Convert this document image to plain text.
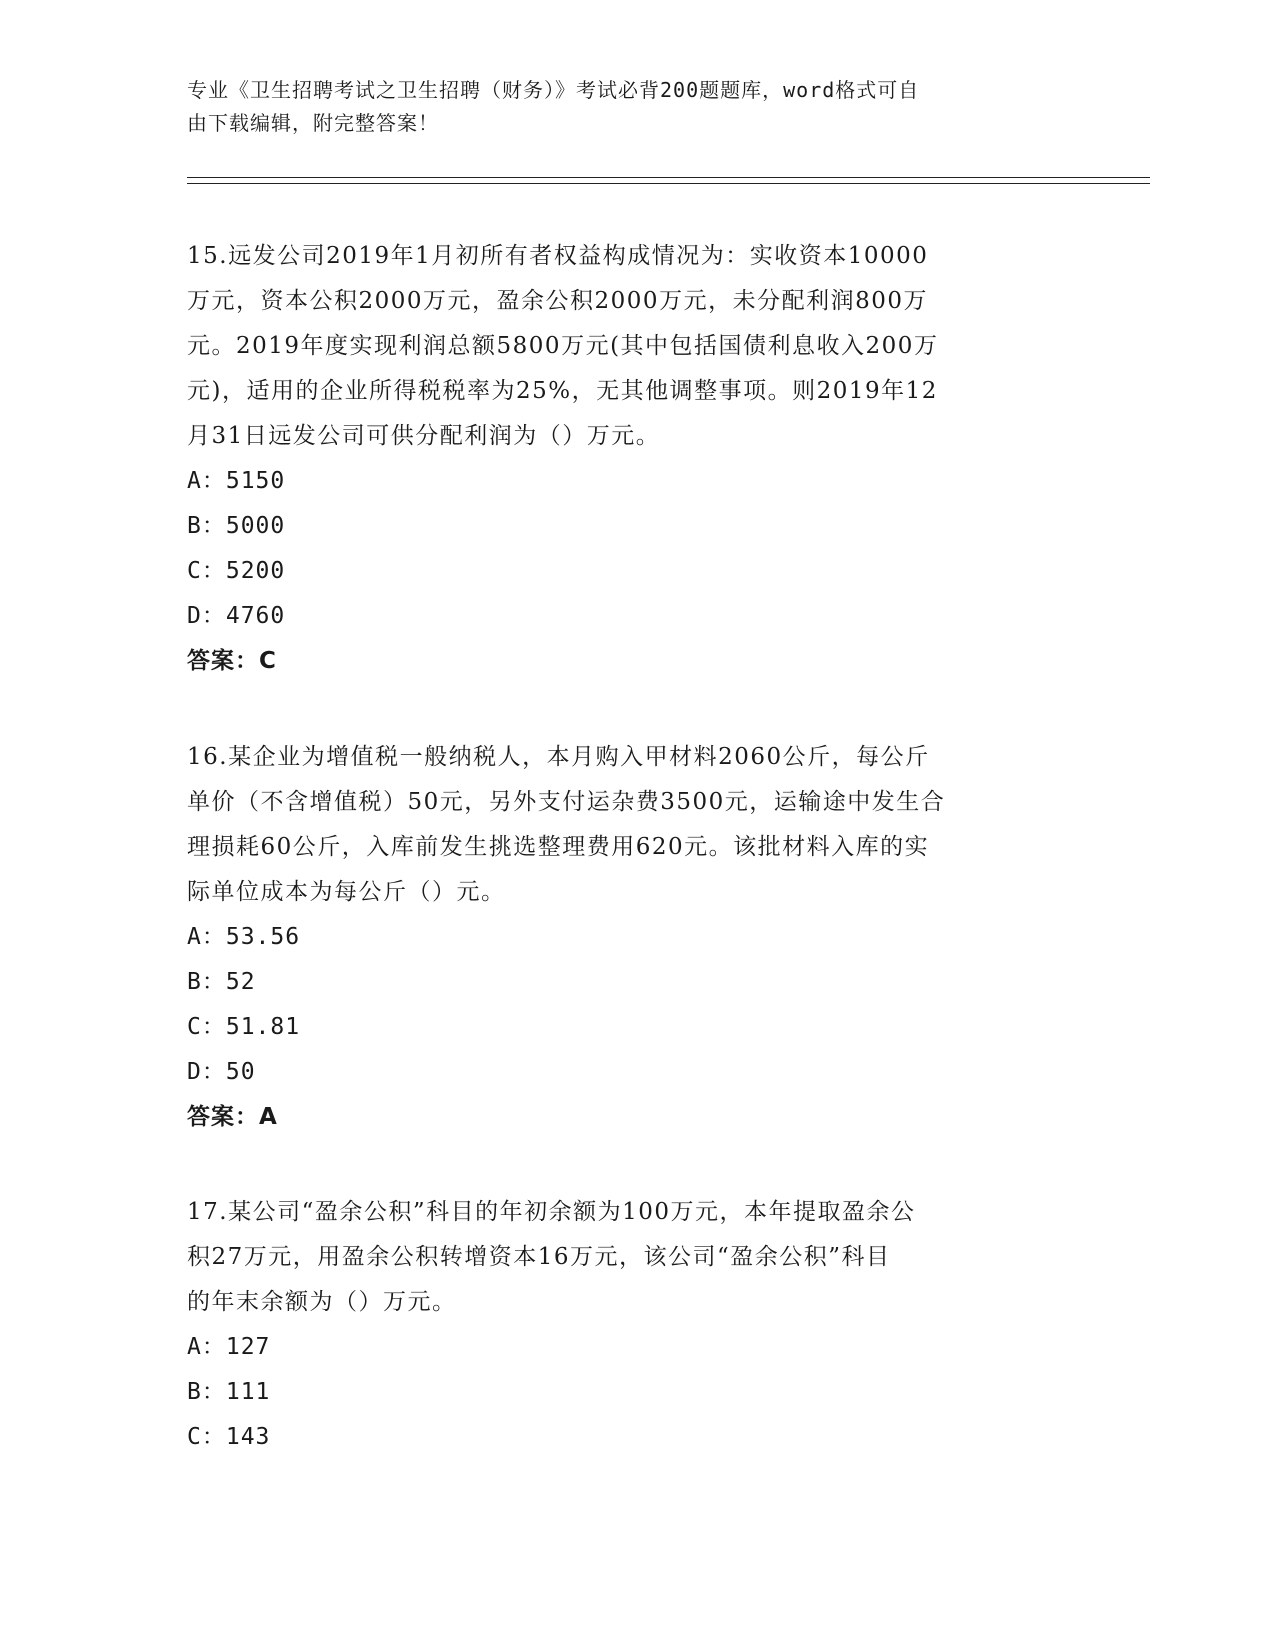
专业《卫生招聘考试之卫生招聘（财务）》考试必背200题题库，word格式可自
由下载编辑，附完整答案！

15.远发公司2019年1月初所有者权益构成情况为：实收资本10000

万元，资本公积2000万元，盈余公积2000万元，未分配利润800万

元。2019年度实现利润总额5800万元(其中包括国债利息收入200万

元)，适用的企业所得税税率为25%，无其他调整事项。则2019年12

月31日远发公司可供分配利润为（）万元。

A：5150

B：5000

C：5200

D：4760

答案：C

16.某企业为增值税一般纳税人，本月购入甲材料2060公斤，每公斤

单价（不含增值税）50元，另外支付运杂费3500元，运输途中发生合

理损耗60公斤，入库前发生挑选整理费用620元。该批材料入库的实

际单位成本为每公斤（）元。

A：53.56

B：52

C：51.81

D：50

答案：A

17.某公司“盈余公积”科目的年初余额为100万元，本年提取盈余公

积27万元，用盈余公积转增资本16万元，该公司“盈余公积”科目

的年末余额为（）万元。

A：127

B：111

C：143
